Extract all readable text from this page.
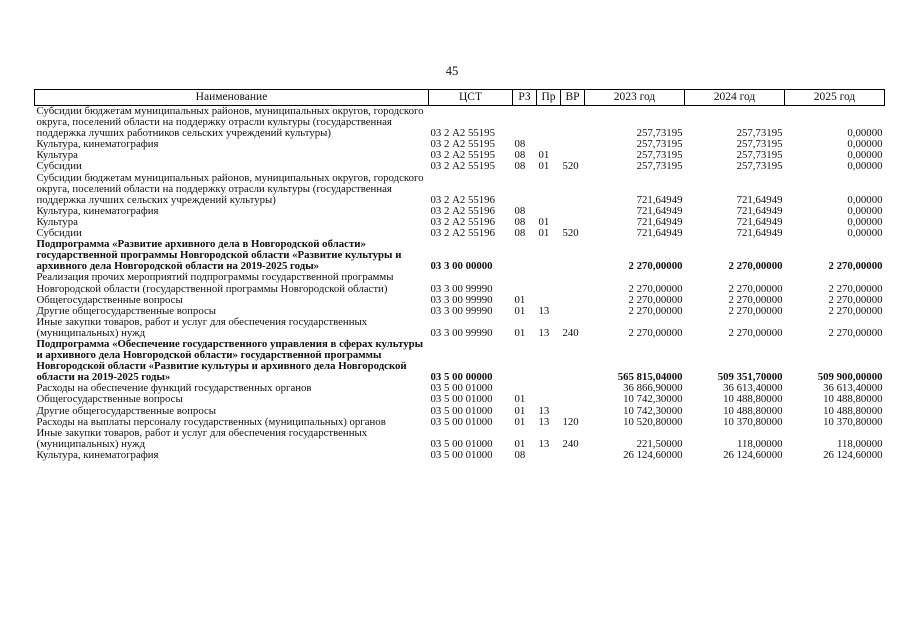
45
Наименование	ЦСТ	РЗ	Пр	ВР	2023 год	2024 год	2025 год
Субсидии бюджетам муниципальных районов, муниципальных округов, городского округа, поселений области на поддержку отрасли культуры (государственная поддержка лучших работников сельских учреждений культуры)	03 2 А2 55195				257,73195	257,73195	0,00000
Культура, кинематография	03 2 А2 55195	08			257,73195	257,73195	0,00000
Культура	03 2 А2 55195	08	01		257,73195	257,73195	0,00000
Субсидии	03 2 А2 55195	08	01	520	257,73195	257,73195	0,00000
Субсидии бюджетам муниципальных районов, муниципальных округов, городского округа, поселений области на поддержку отрасли культуры (государственная поддержка лучших сельских учреждений культуры)	03 2 А2 55196				721,64949	721,64949	0,00000
Культура, кинематография	03 2 А2 55196	08			721,64949	721,64949	0,00000
Культура	03 2 А2 55196	08	01		721,64949	721,64949	0,00000
Субсидии	03 2 А2 55196	08	01	520	721,64949	721,64949	0,00000
Подпрограмма «Развитие архивного дела в Новгородской области» государственной программы Новгородской области «Развитие культуры и архивного дела Новгородской области на 2019-2025 годы»	03 3 00 00000				2 270,00000	2 270,00000	2 270,00000
Реализация прочих мероприятий подпрограммы государственной программы Новгородской области (государственной программы Новгородской области)	03 3 00 99990				2 270,00000	2 270,00000	2 270,00000
Общегосударственные вопросы	03 3 00 99990	01			2 270,00000	2 270,00000	2 270,00000
Другие общегосударственные вопросы	03 3 00 99990	01	13		2 270,00000	2 270,00000	2 270,00000
Иные закупки товаров, работ и услуг для обеспечения государственных (муниципальных) нужд	03 3 00 99990	01	13	240	2 270,00000	2 270,00000	2 270,00000
Подпрограмма «Обеспечение государственного управления в сферах культуры и архивного дела Новгородской области» государственной программы Новгородской области «Развитие культуры и архивного дела Новгородской области на 2019-2025 годы»	03 5 00 00000				565 815,04000	509 351,70000	509 900,00000
Расходы на обеспечение функций государственных органов	03 5 00 01000				36 866,90000	36 613,40000	36 613,40000
Общегосударственные вопросы	03 5 00 01000	01			10 742,30000	10 488,80000	10 488,80000
Другие общегосударственные вопросы	03 5 00 01000	01	13		10 742,30000	10 488,80000	10 488,80000
Расходы на выплаты персоналу государственных (муниципальных) органов	03 5 00 01000	01	13	120	10 520,80000	10 370,80000	10 370,80000
Иные закупки товаров, работ и услуг для обеспечения государственных (муниципальных) нужд	03 5 00 01000	01	13	240	221,50000	118,00000	118,00000
Культура, кинематография	03 5 00 01000	08			26 124,60000	26 124,60000	26 124,60000
